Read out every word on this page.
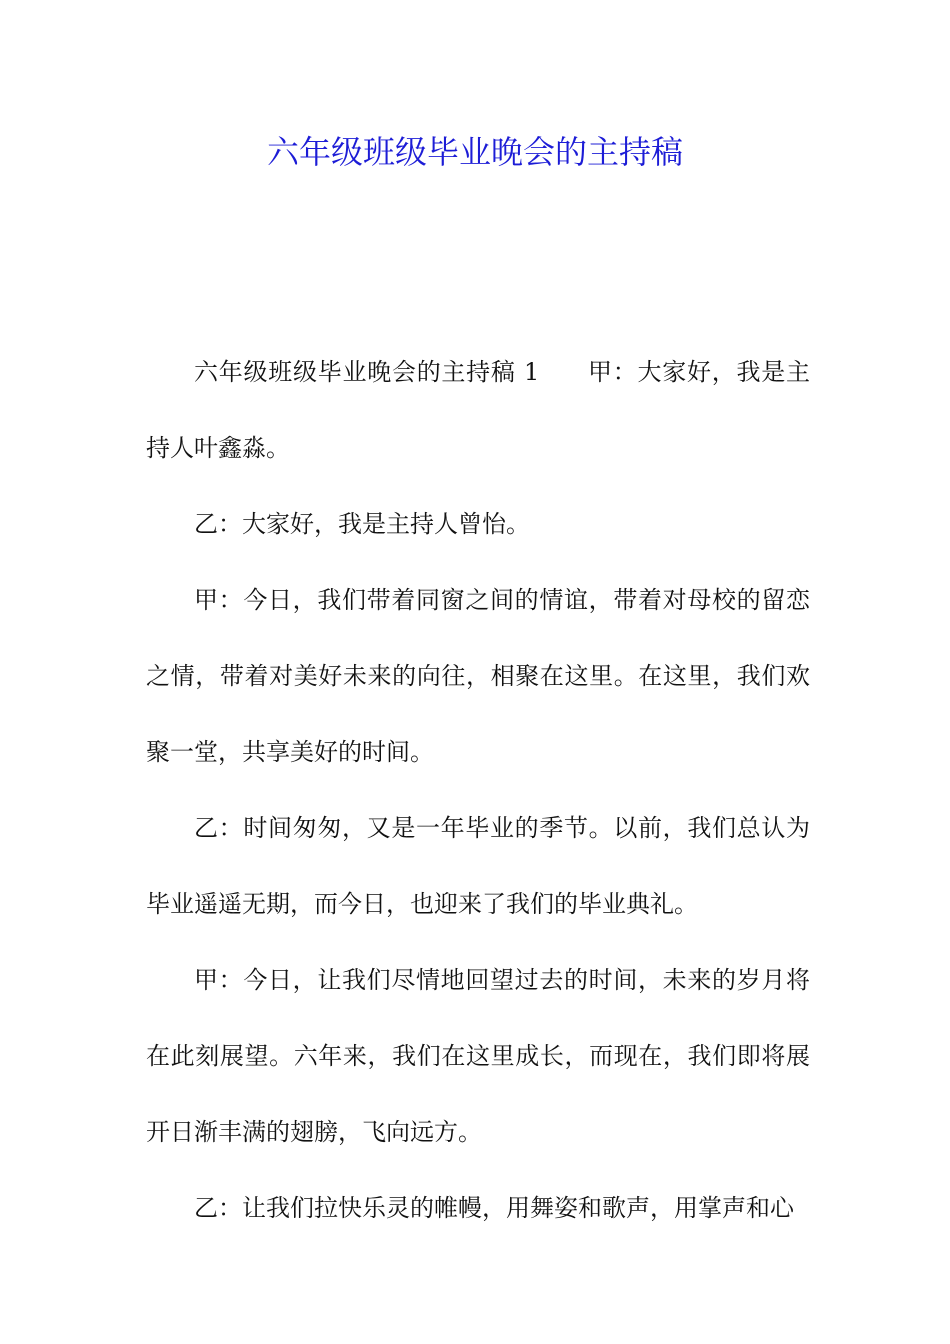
六年级班级毕业晚会的主持稿

六年级班级毕业晚会的主持稿 1 甲：大家好，我是主持人叶鑫淼。

乙：大家好，我是主持人曾怡。

甲：今日，我们带着同窗之间的情谊，带着对母校的留恋之情，带着对美好未来的向往，相聚在这里。在这里，我们欢聚一堂，共享美好的时间。

乙：时间匆匆，又是一年毕业的季节。以前，我们总认为毕业遥遥无期，而今日，也迎来了我们的毕业典礼。

甲：今日，让我们尽情地回望过去的时间，未来的岁月将在此刻展望。六年来，我们在这里成长，而现在，我们即将展开日渐丰满的翅膀，飞向远方。

乙：让我们拉快乐灵的帷幔，用舞姿和歌声，用掌声和心
